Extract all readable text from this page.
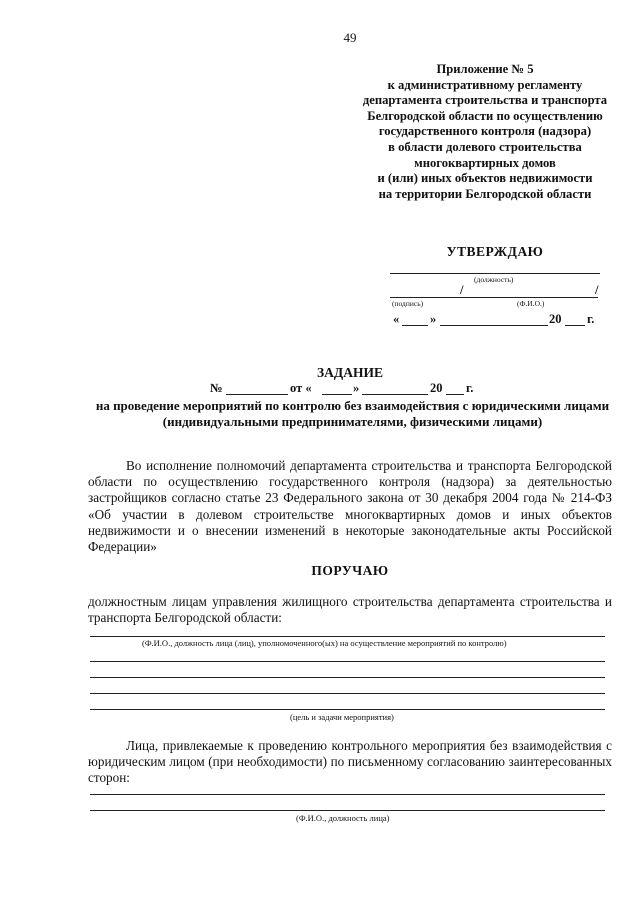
49
Приложение № 5
к административному регламенту
департамента строительства и транспорта
Белгородской области по осуществлению
государственного контроля (надзора)
в области долевого строительства
многоквартирных домов
и (или) иных объектов недвижимости
на территории Белгородской области
УТВЕРЖДАЮ
(должность)
/	/
(подпись)	(Ф.И.О.)
« »	20 г.
ЗАДАНИЕ
№	от «	»	20 г.
на проведение мероприятий по контролю без взаимодействия с юридическими лицами (индивидуальными предпринимателями, физическими лицами)
Во исполнение полномочий департамента строительства и транспорта Белгородской области по осуществлению государственного контроля (надзора) за деятельностью застройщиков согласно статье 23 Федерального закона от 30 декабря 2004 года № 214-ФЗ «Об участии в долевом строительстве многоквартирных домов и иных объектов недвижимости и о внесении изменений в некоторые законодательные акты Российской Федерации»
ПОРУЧАЮ
должностным лицам управления жилищного строительства департамента строительства и транспорта Белгородской области:
(Ф.И.О., должность лица (лиц), уполномоченного(ых) на осуществление мероприятий по контролю)
(цель и задачи мероприятия)
Лица, привлекаемые к проведению контрольного мероприятия без взаимодействия с юридическим лицом (при необходимости) по письменному согласованию заинтересованных сторон:
(Ф.И.О., должность лица)
